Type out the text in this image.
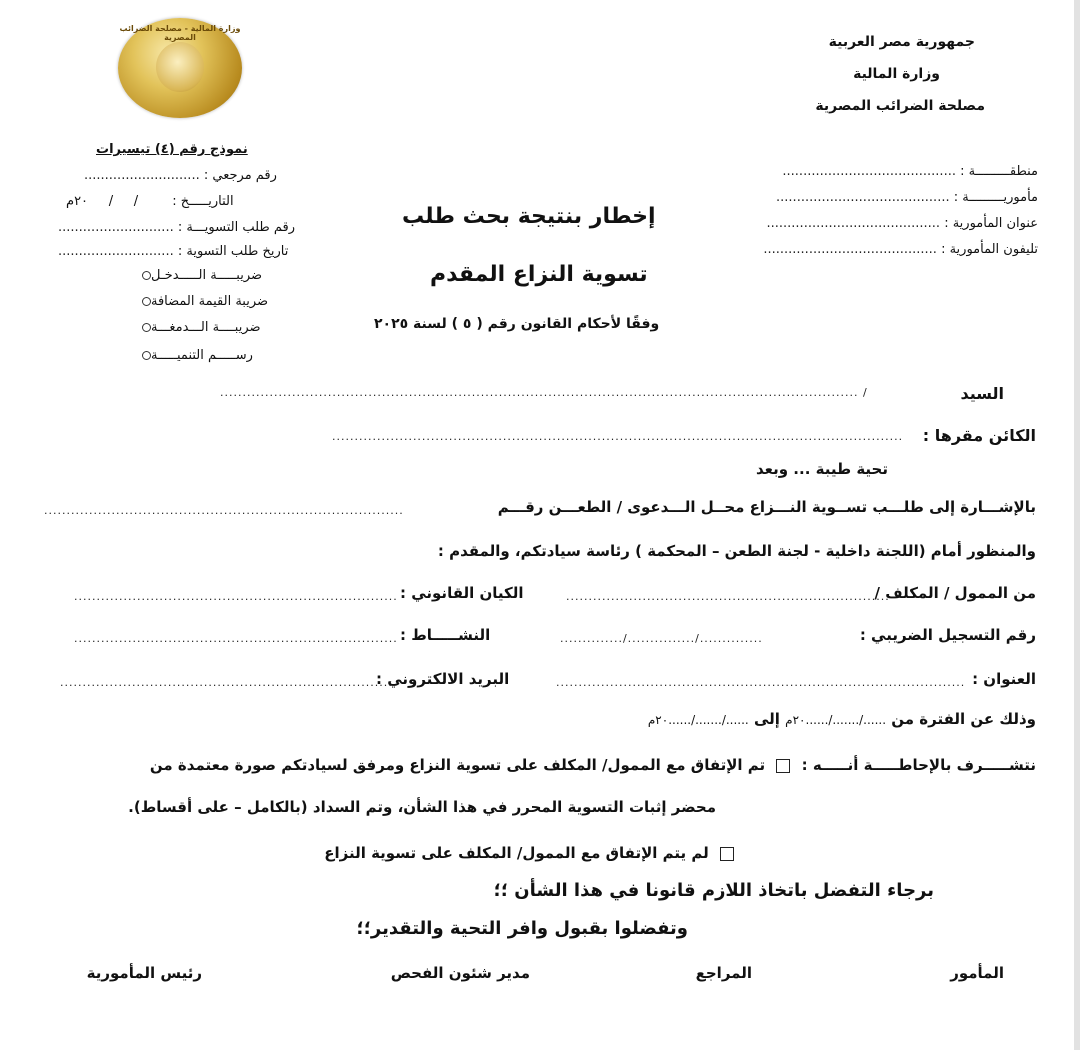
جمهورية مصر العربية
وزارة المالية
مصلحة الضرائب المصرية
وزارة المالية - مصلحة الضرائب المصرية
نموذج رقم (٤) تيسيرات
رقم مرجعي : ............................
التاريـــــخ : /     /     ٢٠م
رقم طلب التسويـــة : ............................
تاريخ طلب التسوية : ............................
ضريبـــــة الـــــدخـل
ضريبة القيمة المضافة
ضريبــــة الـــدمغـــة
رســـــم التنميـــــة
منطقـــــــــة : ..........................................
مأموريـــــــــة : ..........................................
عنوان المأمورية : ..........................................
تليفون المأمورية : ..........................................
إخطار بنتيجة بحث طلب
تسوية النزاع المقدم
وفقًا لأحكام القانون رقم ( ٥ ) لسنة ٢٠٢٥
السيد
/ ..............................................................................................................................................
الكائن مقرها :
...............................................................................................................................
تحية طيبة ... وبعد
بالإشـــارة إلى طلـــب تســوية النـــزاع محــل الـــدعوى / الطعـــن رقـــم
................................................................................
والمنظور أمام (اللجنة داخلية - لجنة الطعن – المحكمة ) رئاسة سيادتكم، والمقدم :
من الممول / المكلف /
........................................................................
الكيان القانوني :
........................................................................
رقم التسجيل الضريبي :
............../.............../..............
النشـــــاط :
........................................................................
العنوان :
...........................................................................................
البريد الالكتروني :
..........................................................................
وذلك عن الفترة من ....../......./......٢٠م إلى ....../......./......٢٠م
نتشـــــرف بالإحاطـــــة أنـــــه :  تم الإتفاق مع الممول/ المكلف على تسوية النزاع ومرفق لسيادتكم صورة معتمدة من
محضر إثبات التسوية المحرر في هذا الشأن، وتم السداد (بالكامل – على أقساط).
لم يتم الإتفاق مع الممول/ المكلف على تسوية النزاع
برجاء التفضل باتخاذ اللازم قانونا في هذا الشأن ؛؛
وتفضلوا بقبول وافر التحية والتقدير؛؛
المأمور
المراجع
مدير شئون الفحص
رئيس المأمورية
